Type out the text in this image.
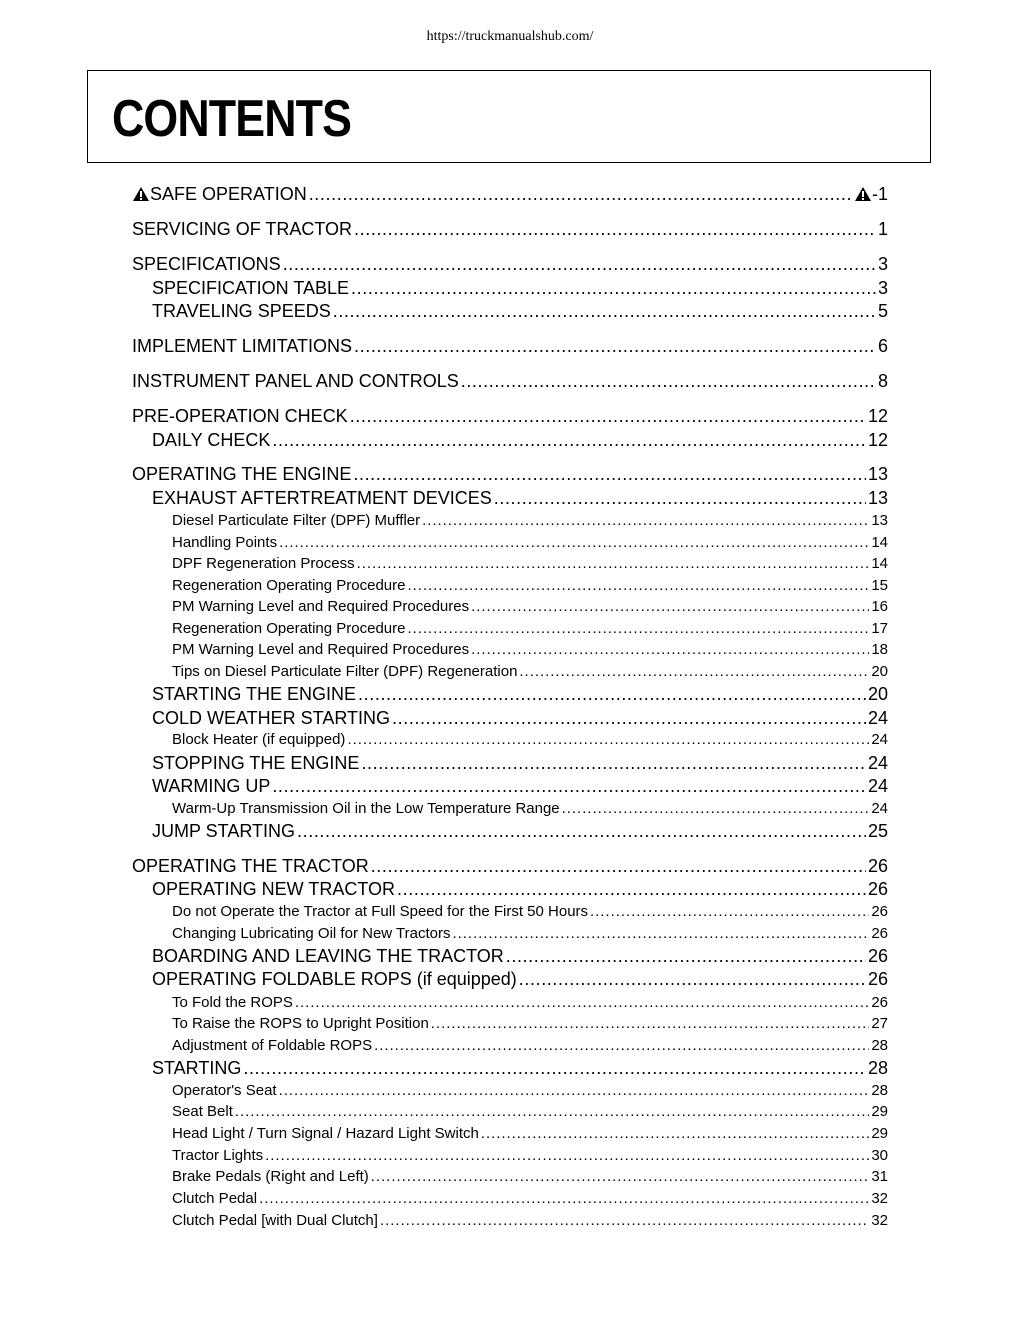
https://truckmanualshub.com/
CONTENTS
SAFE OPERATION . . .	-1
SERVICING OF TRACTOR . . .	1
SPECIFICATIONS . . .	3
SPECIFICATION TABLE . . .	3
TRAVELING SPEEDS . . .	5
IMPLEMENT LIMITATIONS . . .	6
INSTRUMENT PANEL AND CONTROLS . . .	8
PRE-OPERATION CHECK . . .	12
DAILY CHECK . . .	12
OPERATING THE ENGINE . . .	13
EXHAUST AFTERTREATMENT DEVICES . . .	13
Diesel Particulate Filter (DPF) Muffler . . .	13
Handling Points . . .	14
DPF Regeneration Process . . .	14
Regeneration Operating Procedure . . .	15
PM Warning Level and Required Procedures . . .	16
Regeneration Operating Procedure . . .	17
PM Warning Level and Required Procedures . . .	18
Tips on Diesel Particulate Filter (DPF) Regeneration . . .	20
STARTING THE ENGINE . . .	20
COLD WEATHER STARTING . . .	24
Block Heater (if equipped) . . .	24
STOPPING THE ENGINE . . .	24
WARMING UP . . .	24
Warm-Up Transmission Oil in the Low Temperature Range . . .	24
JUMP STARTING . . .	25
OPERATING THE TRACTOR . . .	26
OPERATING NEW TRACTOR . . .	26
Do not Operate the Tractor at Full Speed for the First 50 Hours . . .	26
Changing Lubricating Oil for New Tractors . . .	26
BOARDING AND LEAVING THE TRACTOR . . .	26
OPERATING FOLDABLE ROPS (if equipped) . . .	26
To Fold the ROPS . . .	26
To Raise the ROPS to Upright Position . . .	27
Adjustment of Foldable ROPS . . .	28
STARTING . . .	28
Operator's Seat . . .	28
Seat Belt . . .	29
Head Light / Turn Signal / Hazard Light Switch . . .	29
Tractor Lights . . .	30
Brake Pedals (Right and Left) . . .	31
Clutch Pedal . . .	32
Clutch Pedal [with Dual Clutch] . . .	32
